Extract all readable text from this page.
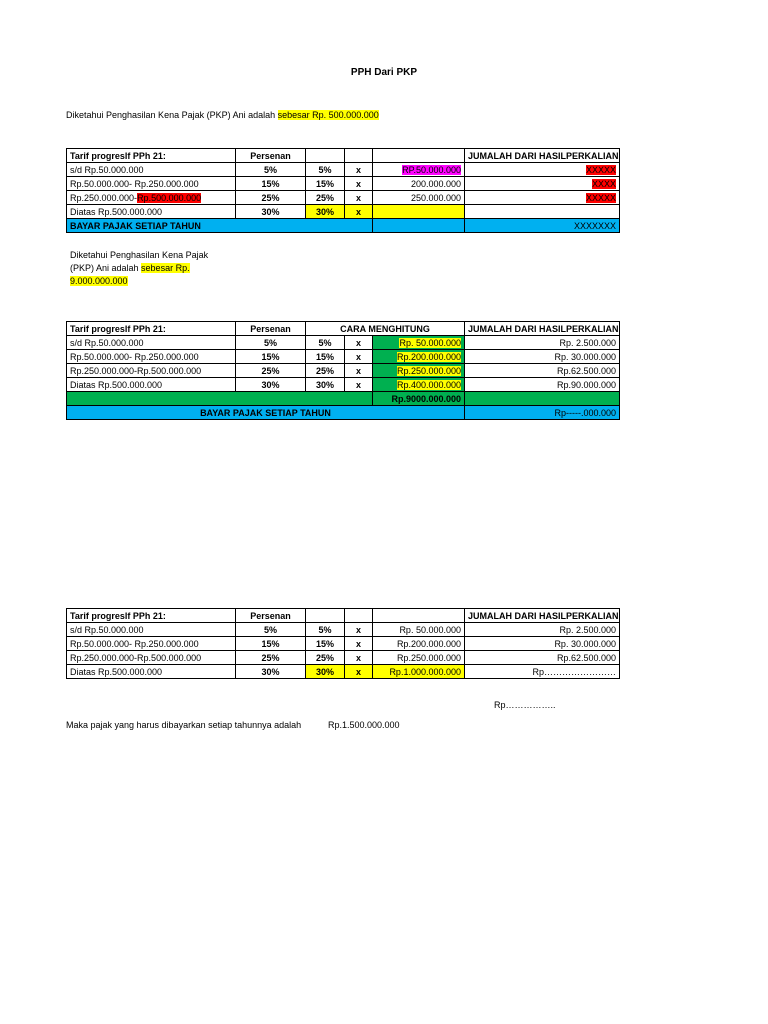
PPH Dari PKP
Diketahui Penghasilan Kena Pajak (PKP) Ani adalah sebesar Rp. 500.000.000
Tarif progreslf PPh 21:	Persenan				JUMALAH DARI HASILPERKALIAN
s/d Rp.50.000.000	5%	5%	x	RP.50.000.000	XXXXX
Rp.50.000.000- Rp.250.000.000	15%	15%	x	200.000.000	XXXX
Rp.250.000.000-Rp.500.000.000	25%	25%	x	250.000.000	XXXXX
Diatas Rp.500.000.000	30%	30%	x		
BAYAR PAJAK SETIAP TAHUN					XXXXXXX
Diketahui Penghasilan Kena Pajak
(PKP) Ani adalah sebesar Rp.
9.000.000.000
Tarif progreslf PPh 21:	Persenan	CARA MENGHITUNG			JUMALAH DARI HASILPERKALIAN
s/d Rp.50.000.000	5%	5%	x	Rp. 50.000.000	Rp. 2.500.000
Rp.50.000.000- Rp.250.000.000	15%	15%	x	Rp.200.000.000	Rp. 30.000.000
Rp.250.000.000-Rp.500.000.000	25%	25%	x	Rp.250.000.000	Rp.62.500.000
Diatas Rp.500.000.000	30%	30%	x	Rp.400.000.000	Rp.90.000.000
				Rp.9000.000.000	
BAYAR PAJAK SETIAP TAHUN					Rp-----.000.000
Tarif progreslf PPh 21:	Persenan				JUMALAH DARI HASILPERKALIAN
s/d Rp.50.000.000	5%	5%	x	Rp. 50.000.000	Rp. 2.500.000
Rp.50.000.000- Rp.250.000.000	15%	15%	x	Rp.200.000.000	Rp. 30.000.000
Rp.250.000.000-Rp.500.000.000	25%	25%	x	Rp.250.000.000	Rp.62.500.000
Diatas Rp.500.000.000	30%	30%	x	Rp.1.000.000.000	Rp……………………
Rp……………..
Maka pajak yang harus dibayarkan setiap tahunnya adalah	Rp.1.500.000.000
